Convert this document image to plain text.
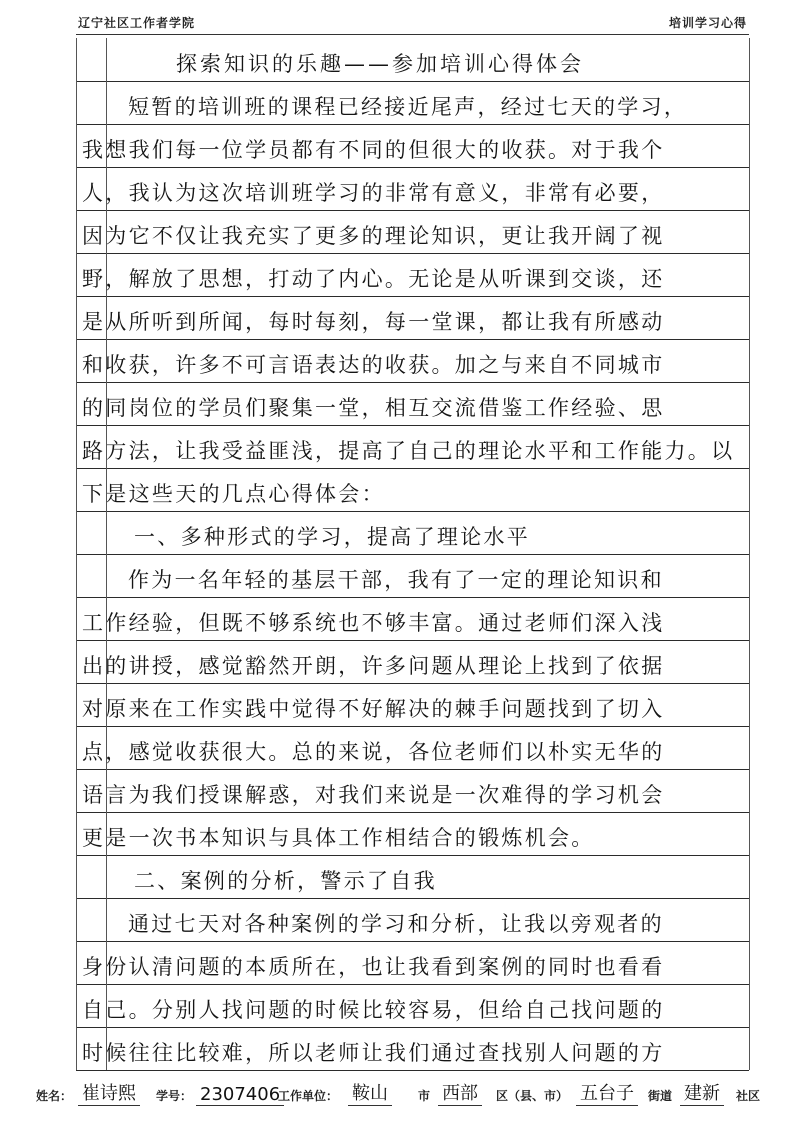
辽宁社区工作者学院	培训学习心得
探索知识的乐趣——参加培训心得体会
短暂的培训班的课程已经接近尾声，经过七天的学习，
我想我们每一位学员都有不同的但很大的收获。对于我个
人，我认为这次培训班学习的非常有意义，非常有必要，
因为它不仅让我充实了更多的理论知识，更让我开阔了视
野，解放了思想，打动了内心。无论是从听课到交谈，还
是从所听到所闻，每时每刻，每一堂课，都让我有所感动
和收获，许多不可言语表达的收获。加之与来自不同城市
的同岗位的学员们聚集一堂，相互交流借鉴工作经验、思
路方法，让我受益匪浅，提高了自己的理论水平和工作能力。以
下是这些天的几点心得体会：
一、多种形式的学习，提高了理论水平
作为一名年轻的基层干部，我有了一定的理论知识和
工作经验，但既不够系统也不够丰富。通过老师们深入浅
出的讲授，感觉豁然开朗，许多问题从理论上找到了依据
对原来在工作实践中觉得不好解决的棘手问题找到了切入
点，感觉收获很大。总的来说，各位老师们以朴实无华的
语言为我们授课解惑，对我们来说是一次难得的学习机会
更是一次书本知识与具体工作相结合的锻炼机会。
二、案例的分析，警示了自我
通过七天对各种案例的学习和分析，让我以旁观者的
身份认清问题的本质所在，也让我看到案例的同时也看看
自己。分别人找问题的时候比较容易，但给自己找问题的
时候往往比较难，所以老师让我们通过查找别人问题的方
姓名： 崔诗熙	学号： 2307406
工作单位： 鞍山	市 西部	区（县、市） 五台子	街道 建新	社区
